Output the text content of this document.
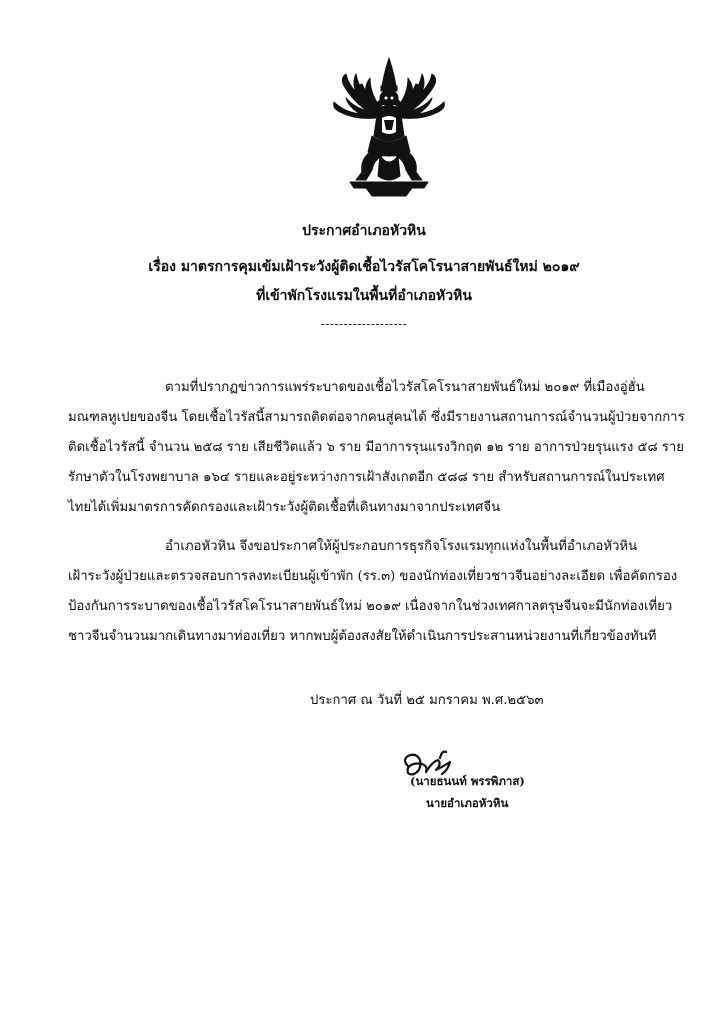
ประกาศอำเภอหัวหิน
เรื่อง มาตรการคุมเข้มเฝ้าระวังผู้ติดเชื้อไวรัสโคโรนาสายพันธ์ใหม่ ๒๐๑๙
ที่เข้าพักโรงแรมในพื้นที่อำเภอหัวหิน
-------------------
ตามที่ปรากฏข่าวการแพร่ระบาดของเชื้อไวรัสโคโรนาสายพันธ์ใหม่ ๒๐๑๙ ที่เมืองอู่ฮั่น
มณฑลหูเปยของจีน โดยเชื้อไวรัสนี้สามารถติดต่อจากคนสู่คนได้ ซึ่งมีรายงานสถานการณ์จำนวนผู้ป่วยจากการ
ติดเชื้อไวรัสนี้ จำนวน ๒๕๘ ราย เสียชีวิตแล้ว ๖ ราย มีอาการรุนแรงวิกฤต ๑๒ ราย อาการป่วยรุนแรง ๕๘ ราย
รักษาตัวในโรงพยาบาล ๑๖๔ รายและอยู่ระหว่างการเฝ้าสังเกตอีก ๕๘๘ ราย สำหรับสถานการณ์ในประเทศ
ไทยได้เพิ่มมาตรการคัดกรองและเฝ้าระวังผู้ติดเชื้อที่เดินทางมาจากประเทศจีน
อำเภอหัวหิน จึงขอประกาศให้ผู้ประกอบการธุรกิจโรงแรมทุกแห่งในพื้นที่อำเภอหัวหิน
เฝ้าระวังผู้ป่วยและตรวจสอบการลงทะเบียนผู้เข้าพัก (รร.๓) ของนักท่องเที่ยวชาวจีนอย่างละเอียด เพื่อคัดกรอง
ป้องกันการระบาดของเชื้อไวรัสโคโรนาสายพันธ์ใหม่ ๒๐๑๙ เนื่องจากในช่วงเทศกาลตรุษจีนจะมีนักท่องเที่ยว
ชาวจีนจำนวนมากเดินทางมาท่องเที่ยว หากพบผู้ต้องสงสัยให้ดำเนินการประสานหน่วยงานที่เกี่ยวข้องทันที
ประกาศ ณ วันที่ ๒๕ มกราคม พ.ศ.๒๕๖๓
(นายธนนท์ พรรพิภาส)
นายอำเภอหัวหิน
